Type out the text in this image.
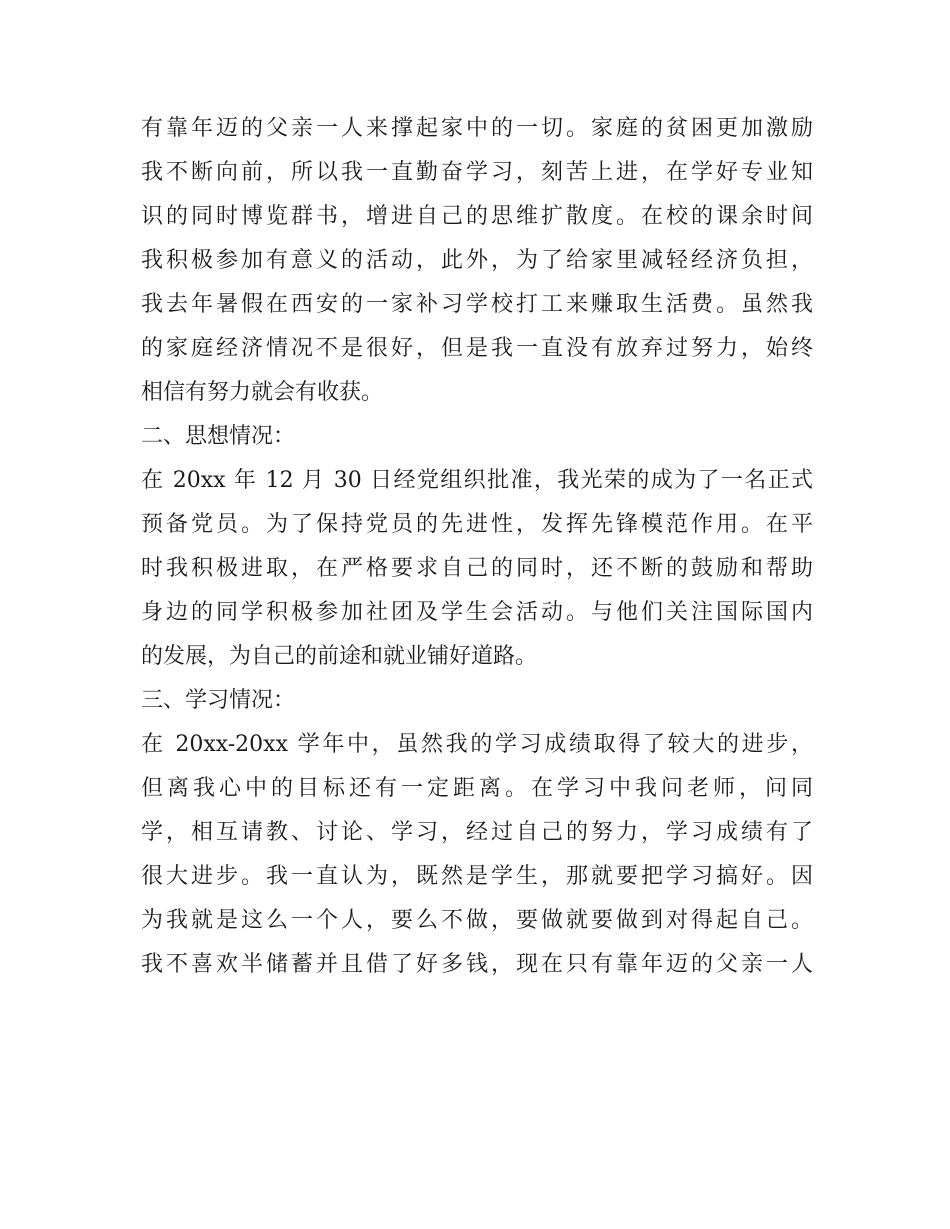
有靠年迈的父亲一人来撑起家中的一切。家庭的贫困更加激励
我不断向前，所以我一直勤奋学习，刻苦上进，在学好专业知
识的同时博览群书，增进自己的思维扩散度。在校的课余时间
我积极参加有意义的活动，此外，为了给家里减轻经济负担，
我去年暑假在西安的一家补习学校打工来赚取生活费。虽然我
的家庭经济情况不是很好，但是我一直没有放弃过努力，始终
相信有努力就会有收获。
二、思想情况：
在 20xx 年 12 月 30 日经党组织批准，我光荣的成为了一名正式
预备党员。为了保持党员的先进性，发挥先锋模范作用。在平
时我积极进取，在严格要求自己的同时，还不断的鼓励和帮助
身边的同学积极参加社团及学生会活动。与他们关注国际国内
的发展，为自己的前途和就业铺好道路。
三、学习情况：
在 20xx-20xx 学年中，虽然我的学习成绩取得了较大的进步，
但离我心中的目标还有一定距离。在学习中我问老师，问同
学，相互请教、讨论、学习，经过自己的努力，学习成绩有了
很大进步。我一直认为，既然是学生，那就要把学习搞好。因
为我就是这么一个人，要么不做，要做就要做到对得起自己。
我不喜欢半储蓄并且借了好多钱，现在只有靠年迈的父亲一人
